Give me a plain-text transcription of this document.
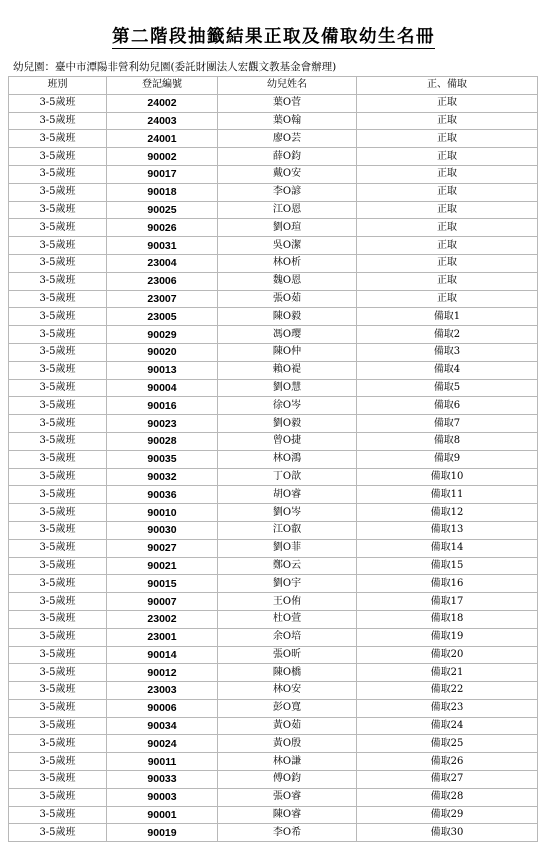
第二階段抽籤結果正取及備取幼生名冊
幼兒園：臺中市潭陽非營利幼兒園(委託財團法人宏觀文教基金會辦理)
班別	登記編號	幼兒姓名	正、備取
3-5歲班	24002	葉O菅	正取
3-5歲班	24003	葉O翰	正取
3-5歲班	24001	廖O芸	正取
3-5歲班	90002	薛O鈞	正取
3-5歲班	90017	戴O安	正取
3-5歲班	90018	李O諺	正取
3-5歲班	90025	江O恩	正取
3-5歲班	90026	劉O瑄	正取
3-5歲班	90031	吳O潔	正取
3-5歲班	23004	林O析	正取
3-5歲班	23006	魏O恩	正取
3-5歲班	23007	張O茹	正取
3-5歲班	23005	陳O毅	備取1
3-5歲班	90029	馮O璎	備取2
3-5歲班	90020	陳O仲	備取3
3-5歲班	90013	賴O褆	備取4
3-5歲班	90004	劉O慧	備取5
3-5歲班	90016	徐O岑	備取6
3-5歲班	90023	劉O毅	備取7
3-5歲班	90028	曾O捷	備取8
3-5歲班	90035	林O鴻	備取9
3-5歲班	90032	丁O歆	備取10
3-5歲班	90036	胡O睿	備取11
3-5歲班	90010	劉O岑	備取12
3-5歲班	90030	江O叡	備取13
3-5歲班	90027	劉O菲	備取14
3-5歲班	90021	鄭O云	備取15
3-5歲班	90015	劉O宇	備取16
3-5歲班	90007	王O侑	備取17
3-5歲班	23002	杜O萱	備取18
3-5歲班	23001	余O培	備取19
3-5歲班	90014	張O昕	備取20
3-5歲班	90012	陳O橋	備取21
3-5歲班	23003	林O安	備取22
3-5歲班	90006	彭O寬	備取23
3-5歲班	90034	黃O茹	備取24
3-5歲班	90024	黃O殷	備取25
3-5歲班	90011	林O謙	備取26
3-5歲班	90033	傅O鈞	備取27
3-5歲班	90003	張O睿	備取28
3-5歲班	90001	陳O睿	備取29
3-5歲班	90019	李O希	備取30
